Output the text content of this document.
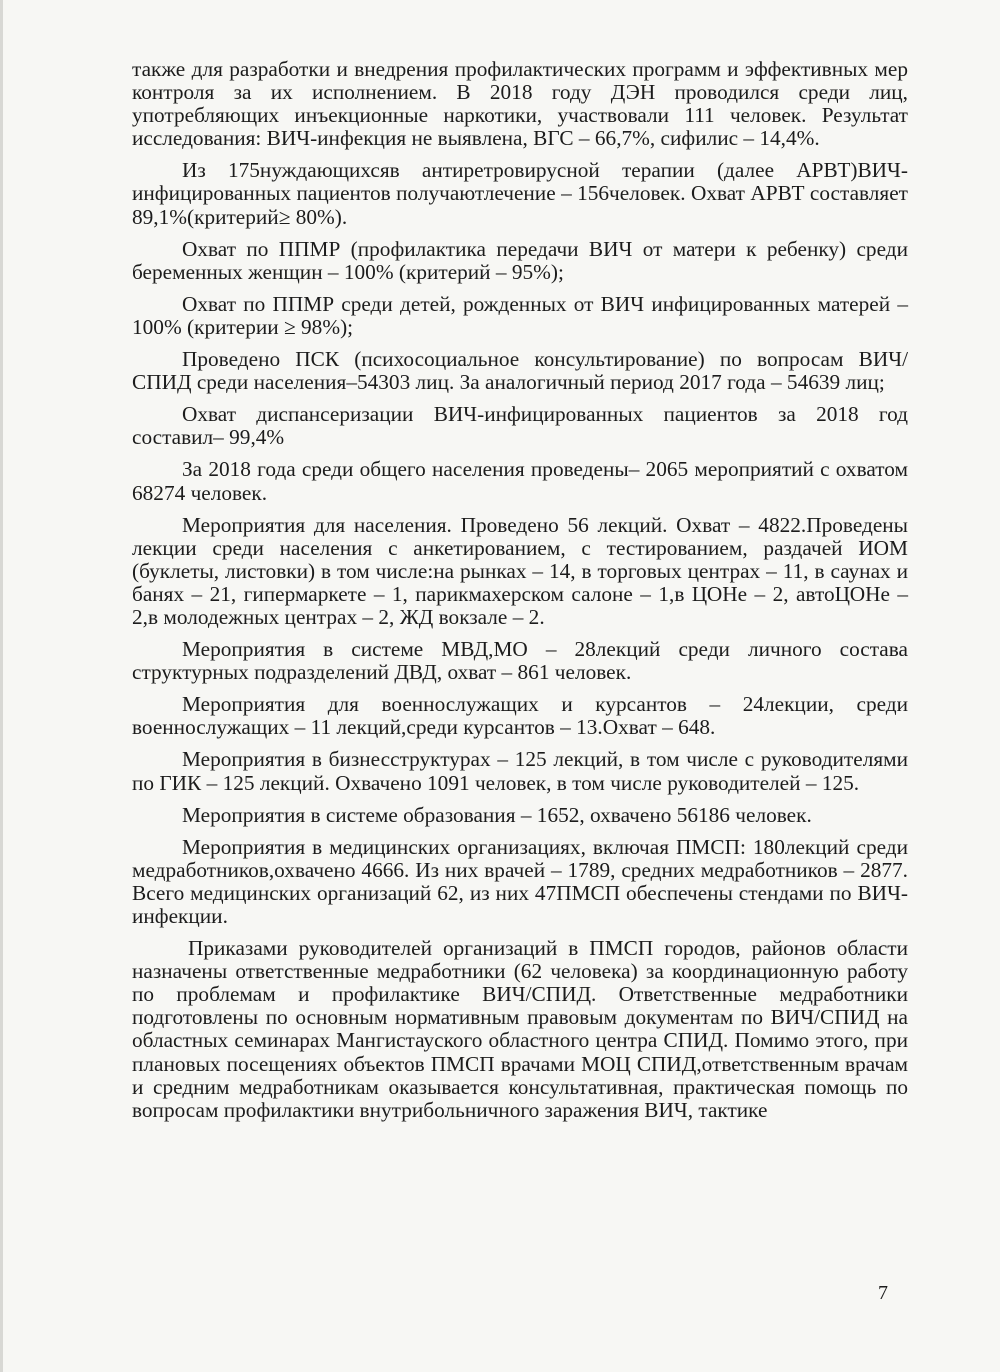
также для разработки и внедрения профилактических программ и эффективных мер контроля за их исполнением. В 2018 году ДЭН проводился среди лиц, употребляющих инъекционные наркотики, участвовали 111 человек. Результат исследования: ВИЧ-инфекция не выявлена, ВГС – 66,7%, сифилис – 14,4%.

Из 175нуждающихсяв антиретровирусной терапии (далее АРВТ)ВИЧ-инфицированных пациентов получаютлечение – 156человек. Охват АРВТ составляет 89,1%(критерий≥ 80%).

Охват по ППМР (профилактика передачи ВИЧ от матери к ребенку) среди беременных женщин – 100% (критерий – 95%);

Охват по ППМР среди детей, рожденных от ВИЧ инфицированных матерей – 100% (критерии ≥ 98%);

Проведено ПСК (психосоциальное консультирование) по вопросам ВИЧ/СПИД среди населения–54303 лиц. За аналогичный период 2017 года – 54639 лиц;

Охват диспансеризации ВИЧ-инфицированных пациентов за 2018 год составил– 99,4%

За 2018 года среди общего населения проведены– 2065 мероприятий с охватом 68274 человек.

Мероприятия для населения. Проведено 56 лекций. Охват – 4822.Проведены лекции среди населения с анкетированием, с тестированием, раздачей ИОМ (буклеты, листовки) в том числе:на рынках – 14, в торговых центрах – 11, в саунах и банях – 21, гипермаркете – 1, парикмахерском салоне – 1,в ЦОНе – 2, автоЦОНе – 2,в молодежных центрах – 2, ЖД вокзале – 2.

Мероприятия в системе МВД,МО – 28лекций среди личного состава структурных подразделений ДВД, охват – 861 человек.

Мероприятия для военнослужащих и курсантов – 24лекции, среди военнослужащих – 11 лекций,среди курсантов – 13.Охват – 648.

Мероприятия в бизнесструктурах – 125 лекций, в том числе с руководителями по ГИК – 125 лекций. Охвачено 1091 человек, в том числе руководителей – 125.

Мероприятия в системе образования – 1652, охвачено 56186 человек.

Мероприятия в медицинских организациях, включая ПМСП: 180лекций среди медработников,охвачено 4666. Из них врачей – 1789, средних медработников – 2877. Всего медицинских организаций 62, из них 47ПМСП обеспечены стендами по ВИЧ-инфекции.

Приказами руководителей организаций в ПМСП городов, районов области назначены ответственные медработники (62 человека) за координационную работу по проблемам и профилактике ВИЧ/СПИД. Ответственные медработники подготовлены по основным нормативным правовым документам по ВИЧ/СПИД на областных семинарах Мангистауского областного центра СПИД. Помимо этого, при плановых посещениях объектов ПМСП врачами МОЦ СПИД,ответственным врачам и средним медработникам оказывается консультативная, практическая помощь по вопросам профилактики внутрибольничного заражения ВИЧ, тактике

7
